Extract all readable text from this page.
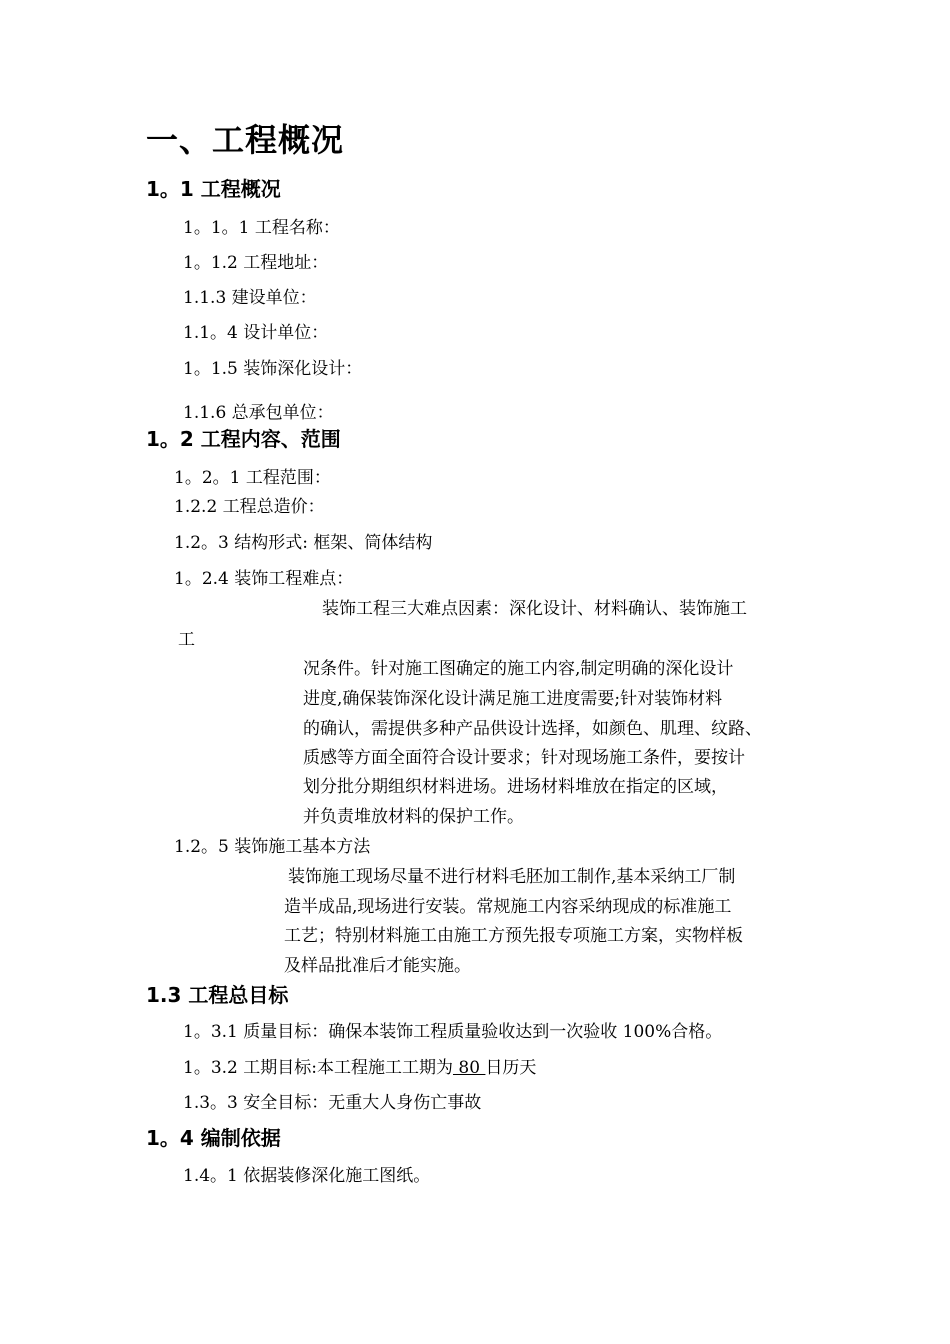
一、工程概况
1。1 工程概况
1。1。1 工程名称：
1。1.2 工程地址：
1.1.3 建设单位：
1.1。4 设计单位：
1。1.5 装饰深化设计：
1.1.6 总承包单位：
1。2 工程内容、范围
1。2。1 工程范围：
1.2.2 工程总造价：
1.2。3 结构形式: 框架、筒体结构
1。2.4 装饰工程难点：
装饰工程三大难点因素：深化设计、材料确认、装饰施工
工
况条件。针对施工图确定的施工内容,制定明确的深化设计
进度,确保装饰深化设计满足施工进度需要;针对装饰材料
的确认，需提供多种产品供设计选择，如颜色、肌理、纹路、
质感等方面全面符合设计要求；针对现场施工条件，要按计
划分批分期组织材料进场。进场材料堆放在指定的区域，
并负责堆放材料的保护工作。
1.2。5 装饰施工基本方法
装饰施工现场尽量不进行材料毛胚加工制作,基本采纳工厂制
造半成品,现场进行安装。常规施工内容采纳现成的标准施工
工艺；特别材料施工由施工方预先报专项施工方案，实物样板
及样品批准后才能实施。
1.3 工程总目标
1。3.1 质量目标：确保本装饰工程质量验收达到一次验收 100%合格。
1。3.2 工期目标:本工程施工工期为 80 日历天
1.3。3 安全目标：无重大人身伤亡事故
1。4 编制依据
1.4。1 依据装修深化施工图纸。
